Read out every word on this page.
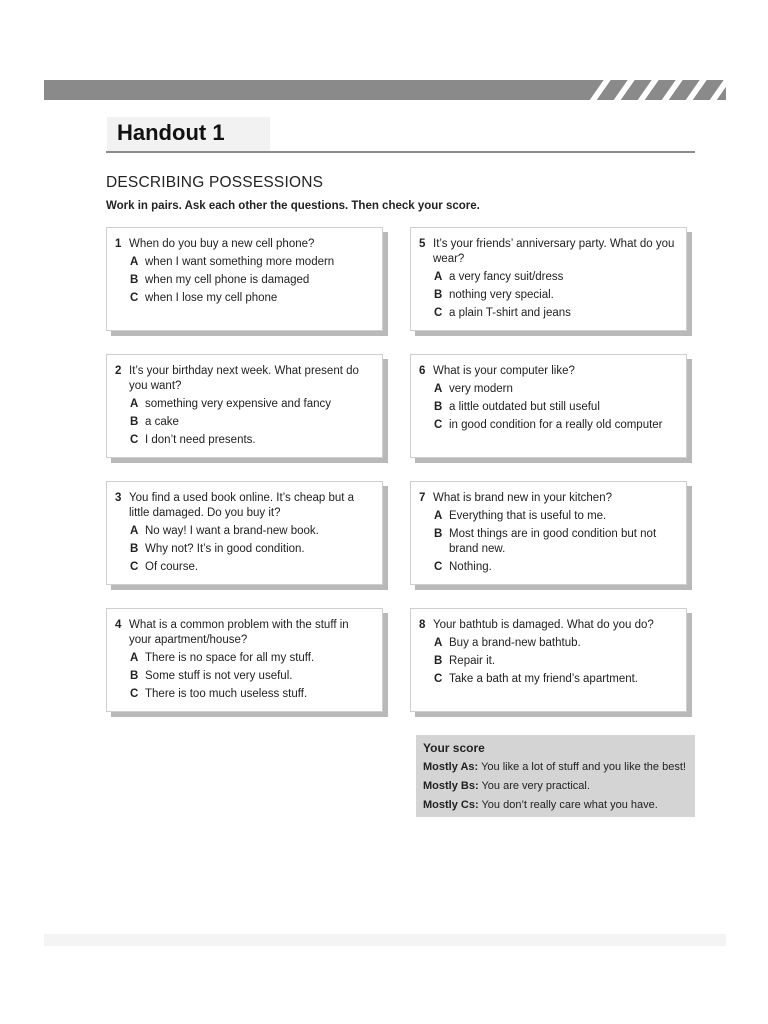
Handout 1
DESCRIBING POSSESSIONS
Work in pairs. Ask each other the questions. Then check your score.
1 When do you buy a new cell phone?
A when I want something more modern
B when my cell phone is damaged
C when I lose my cell phone
2 It’s your birthday next week. What present do you want?
A something very expensive and fancy
B a cake
C I don’t need presents.
3 You find a used book online. It’s cheap but a little damaged. Do you buy it?
A No way! I want a brand-new book.
B Why not? It’s in good condition.
C Of course.
4 What is a common problem with the stuff in your apartment/house?
A There is no space for all my stuff.
B Some stuff is not very useful.
C There is too much useless stuff.
5 It’s your friends’ anniversary party. What do you wear?
A a very fancy suit/dress
B nothing very special.
C a plain T-shirt and jeans
6 What is your computer like?
A very modern
B a little outdated but still useful
C in good condition for a really old computer
7 What is brand new in your kitchen?
A Everything that is useful to me.
B Most things are in good condition but not brand new.
C Nothing.
8 Your bathtub is damaged. What do you do?
A Buy a brand-new bathtub.
B Repair it.
C Take a bath at my friend’s apartment.
Your score
Mostly As: You like a lot of stuff and you like the best!
Mostly Bs: You are very practical.
Mostly Cs: You don’t really care what you have.
